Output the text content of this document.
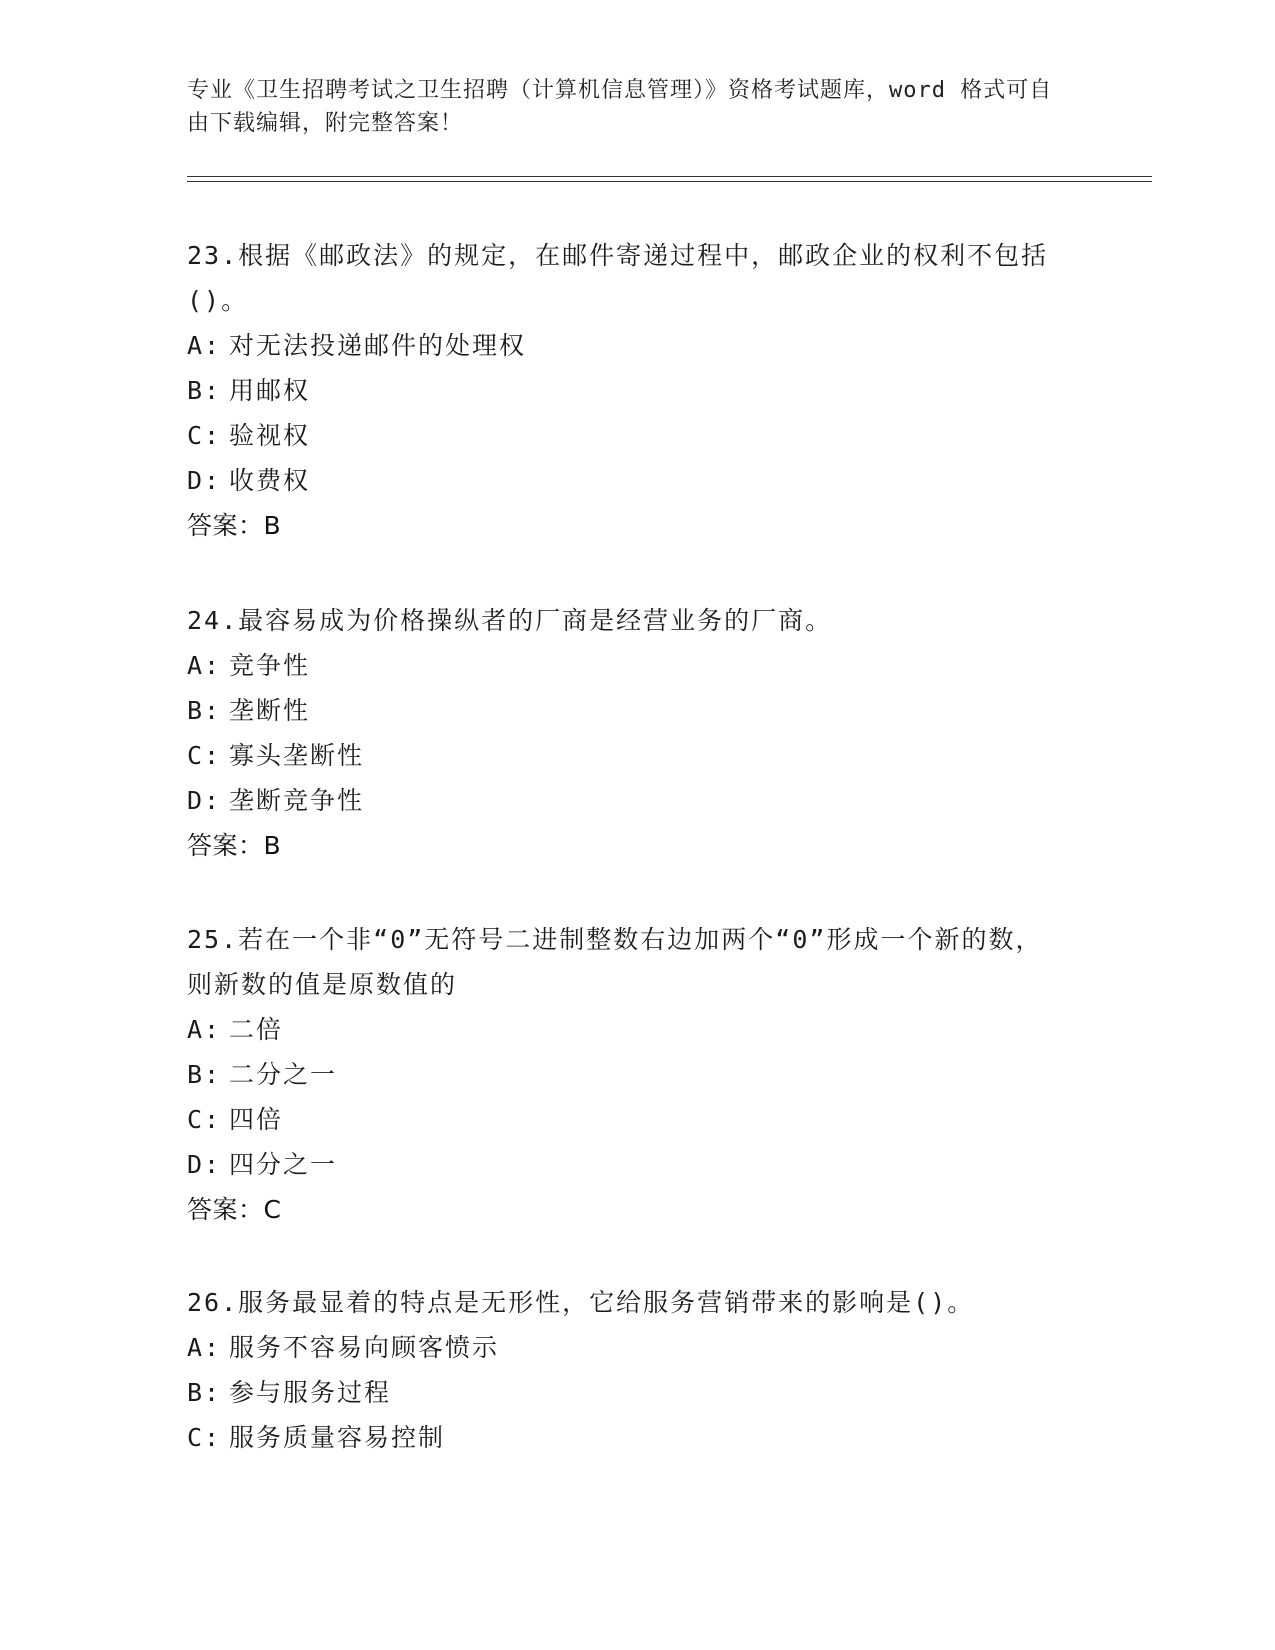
专业《卫生招聘考试之卫生招聘（计算机信息管理）》资格考试题库，word 格式可自由下载编辑，附完整答案！

23.根据《邮政法》的规定，在邮件寄递过程中，邮政企业的权利不包括()。

A: 对无法投递邮件的处理权

B: 用邮权

C: 验视权

D: 收费权

答案：B

24.最容易成为价格操纵者的厂商是经营业务的厂商。

A: 竞争性

B: 垄断性

C: 寡头垄断性

D: 垄断竞争性

答案：B

25.若在一个非“0”无符号二进制整数右边加两个“0”形成一个新的数，则新数的值是原数值的

A: 二倍

B: 二分之一

C: 四倍

D: 四分之一

答案：C

26.服务最显着的特点是无形性，它给服务营销带来的影响是()。

A: 服务不容易向顾客愤示

B: 参与服务过程

C: 服务质量容易控制
